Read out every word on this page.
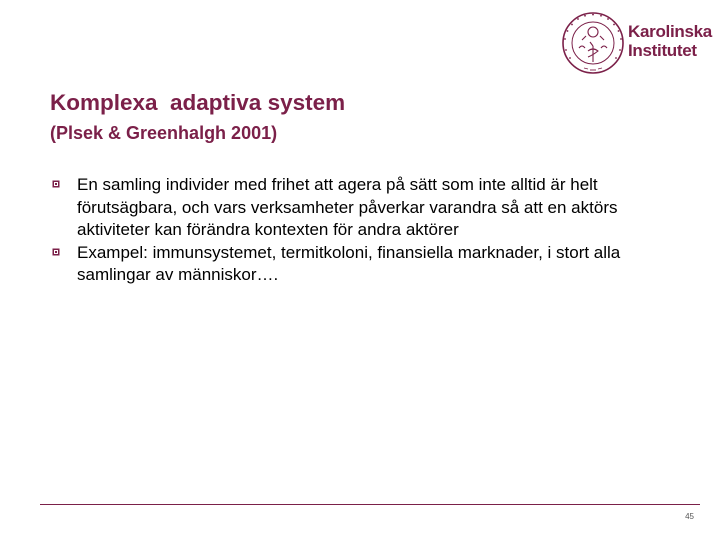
Karolinska
Institutet
Komplexa  adaptiva system
(Plsek & Greenhalgh 2001)
En samling individer med frihet att agera på sätt som inte alltid är helt förutsägbara, och vars verksamheter påverkar varandra så att en aktörs aktiviteter kan förändra kontexten för andra aktörer
Exampel: immunsystemet, termitkoloni, finansiella marknader, i stort alla samlingar av människor….
45
